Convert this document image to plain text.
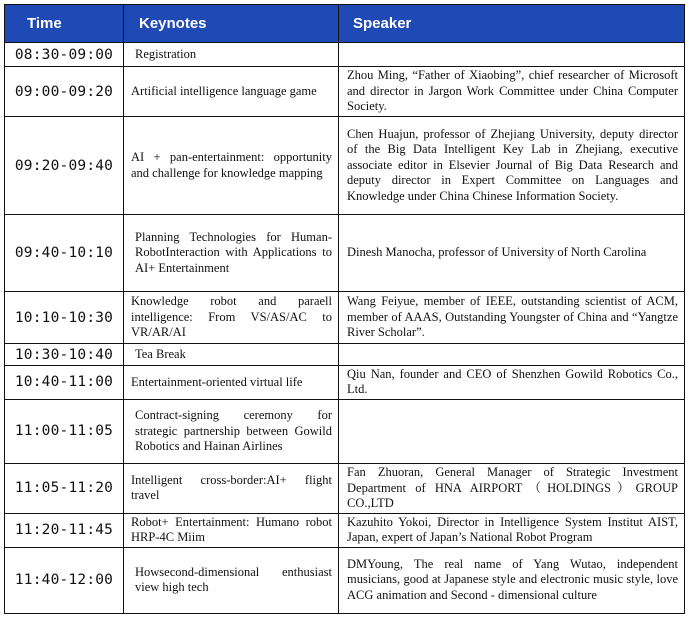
Time	Keynotes	Speaker
08:30-09:00	Registration	
09:00-09:20	Artificial intelligence language game	Zhou Ming, “Father of Xiaobing”, chief researcher of Microsoft and director in Jargon Work Committee under China Computer Society.
09:20-09:40	AI + pan-entertainment: opportunity and challenge for knowledge mapping	Chen Huajun, professor of Zhejiang University, deputy director of the Big Data Intelligent Key Lab in Zhejiang, executive associate editor in Elsevier Journal of Big Data Research and deputy director in Expert Committee on Languages and Knowledge under China Chinese Information Society.
09:40-10:10	Planning Technologies for Human-RobotInteraction with Applications to AI+ Entertainment	Dinesh Manocha, professor of University of North Carolina
10:10-10:30	Knowledge robot and paraell intelligence: From VS/AS/AC to VR/AR/AI	Wang Feiyue, member of IEEE, outstanding scientist of ACM, member of AAAS, Outstanding Youngster of China and “Yangtze River Scholar”.
10:30-10:40	Tea Break	
10:40-11:00	Entertainment-oriented virtual life	Qiu Nan, founder and CEO of Shenzhen Gowild Robotics Co., Ltd.
11:00-11:05	Contract-signing ceremony for strategic partnership between Gowild Robotics and Hainan Airlines	
11:05-11:20	Intelligent cross-border:AI+ flight travel	Fan Zhuoran, General Manager of Strategic Investment Department of HNA AIRPORT（HOLDINGS）GROUP CO.,LTD
11:20-11:45	Robot+ Entertainment: Humano robot HRP-4C Miim	Kazuhito Yokoi, Director in Intelligence System Institut AIST, Japan, expert of Japan’s National Robot Program
11:40-12:00	Howsecond-dimensional enthusiast view high tech	DMYoung, The real name of Yang Wutao, independent musicians, good at Japanese style and electronic music style, love ACG animation and Second - dimensional culture
